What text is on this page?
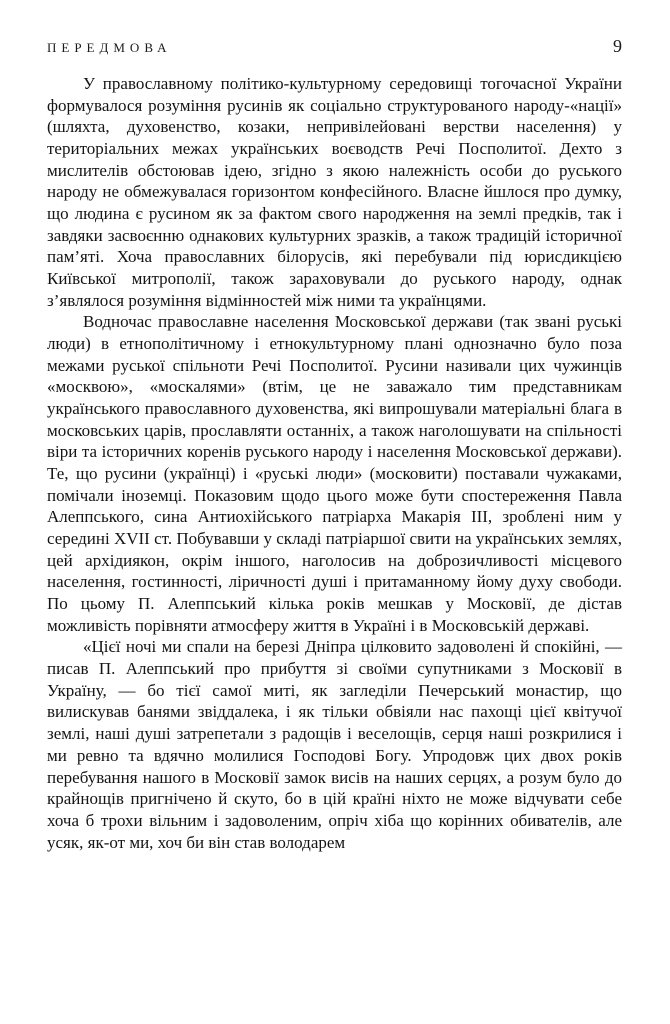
ПЕРЕДМОВА	9

У православному політико-культурному середовищі тогочасної України формувалося розуміння русинів як соціально структурованого народу-«нації» (шляхта, духовенство, козаки, непривілейовані верстви населення) у територіальних межах українських воєводств Речі Посполитої. Дехто з мислителів обстоював ідею, згідно з якою належність особи до руського народу не обмежувалася горизонтом конфесійного. Власне йшлося про думку, що людина є русином як за фактом свого народження на землі предків, так і завдяки засвоєнню однакових культурних зразків, а також традицій історичної пам’яті. Хоча православних білорусів, які перебували під юрисдикцією Київської митрополії, також зараховували до руського народу, однак з’являлося розуміння відмінностей між ними та українцями.

Водночас православне населення Московської держави (так звані руські люди) в етнополітичному і етнокультурному плані однозначно було поза межами руської спільноти Речі Посполитої. Русини називали цих чужинців «москвою», «москалями» (втім, це не заважало тим представникам українського православного духовенства, які випрошували матеріальні блага в московських царів, прославляти останніх, а також наголошувати на спільності віри та історичних коренів руського народу і населення Московської держави). Те, що русини (українці) і «руські люди» (московити) поставали чужаками, помічали іноземці. Показовим щодо цього може бути спостереження Павла Алеппського, сина Антиохійського патріарха Макарія III, зроблені ним у середині XVII ст. Побувавши у складі патріаршої свити на українських землях, цей архідиякон, окрім іншого, наголосив на доброзичливості місцевого населення, гостинності, ліричності душі і притаманному йому духу свободи. По цьому П. Алеппський кілька років мешкав у Московії, де дістав можливість порівняти атмосферу життя в Україні і в Московській державі.

«Цієї ночі ми спали на березі Дніпра цілковито задоволені й спокійні, — писав П. Алеппський про прибуття зі своїми супутниками з Московії в Україну, — бо тієї самої миті, як загледіли Печерський монастир, що вилискував банями звіддалека, і як тільки обвіяли нас пахощі цієї квітучої землі, наші душі затрепетали з радощів і веселощів, серця наші розкрилися і ми ревно та вдячно молилися Господові Богу. Упродовж цих двох років перебування нашого в Московії замок висів на наших серцях, а розум було до крайнощів пригнічено й скуто, бо в цій країні ніхто не може відчувати себе хоча б трохи вільним і задоволеним, опріч хіба що корінних обивателів, але усяк, як-от ми, хоч би він став володарем
